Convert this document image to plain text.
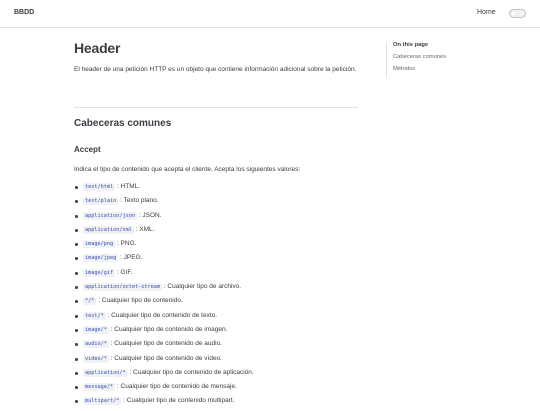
BBDD	Home
Header

El header de una petición HTTP es un objeto que contiene información adicional sobre la petición.

Cabeceras comunes
Accept

Indica el tipo de contenido que acepta el cliente. Acepta los siguientes valores:

text/html : HTML.
text/plain : Texto plano.
application/json : JSON.
application/xml : XML.
image/png : PNG.
image/jpeg : JPEG.
image/gif : GIF.
application/octet-stream : Cualquier tipo de archivo.
*/* : Cualquier tipo de contenido.
text/* : Cualquier tipo de contenido de texto.
image/* : Cualquier tipo de contenido de imagen.
audio/* : Cualquier tipo de contenido de audio.
video/* : Cualquier tipo de contenido de vídeo.
application/* : Cualquier tipo de contenido de aplicación.
message/* : Cualquier tipo de contenido de mensaje.
multipart/* : Cualquier tipo de contenido multipart.

On this page

Cabeceras comunes
Métodos
